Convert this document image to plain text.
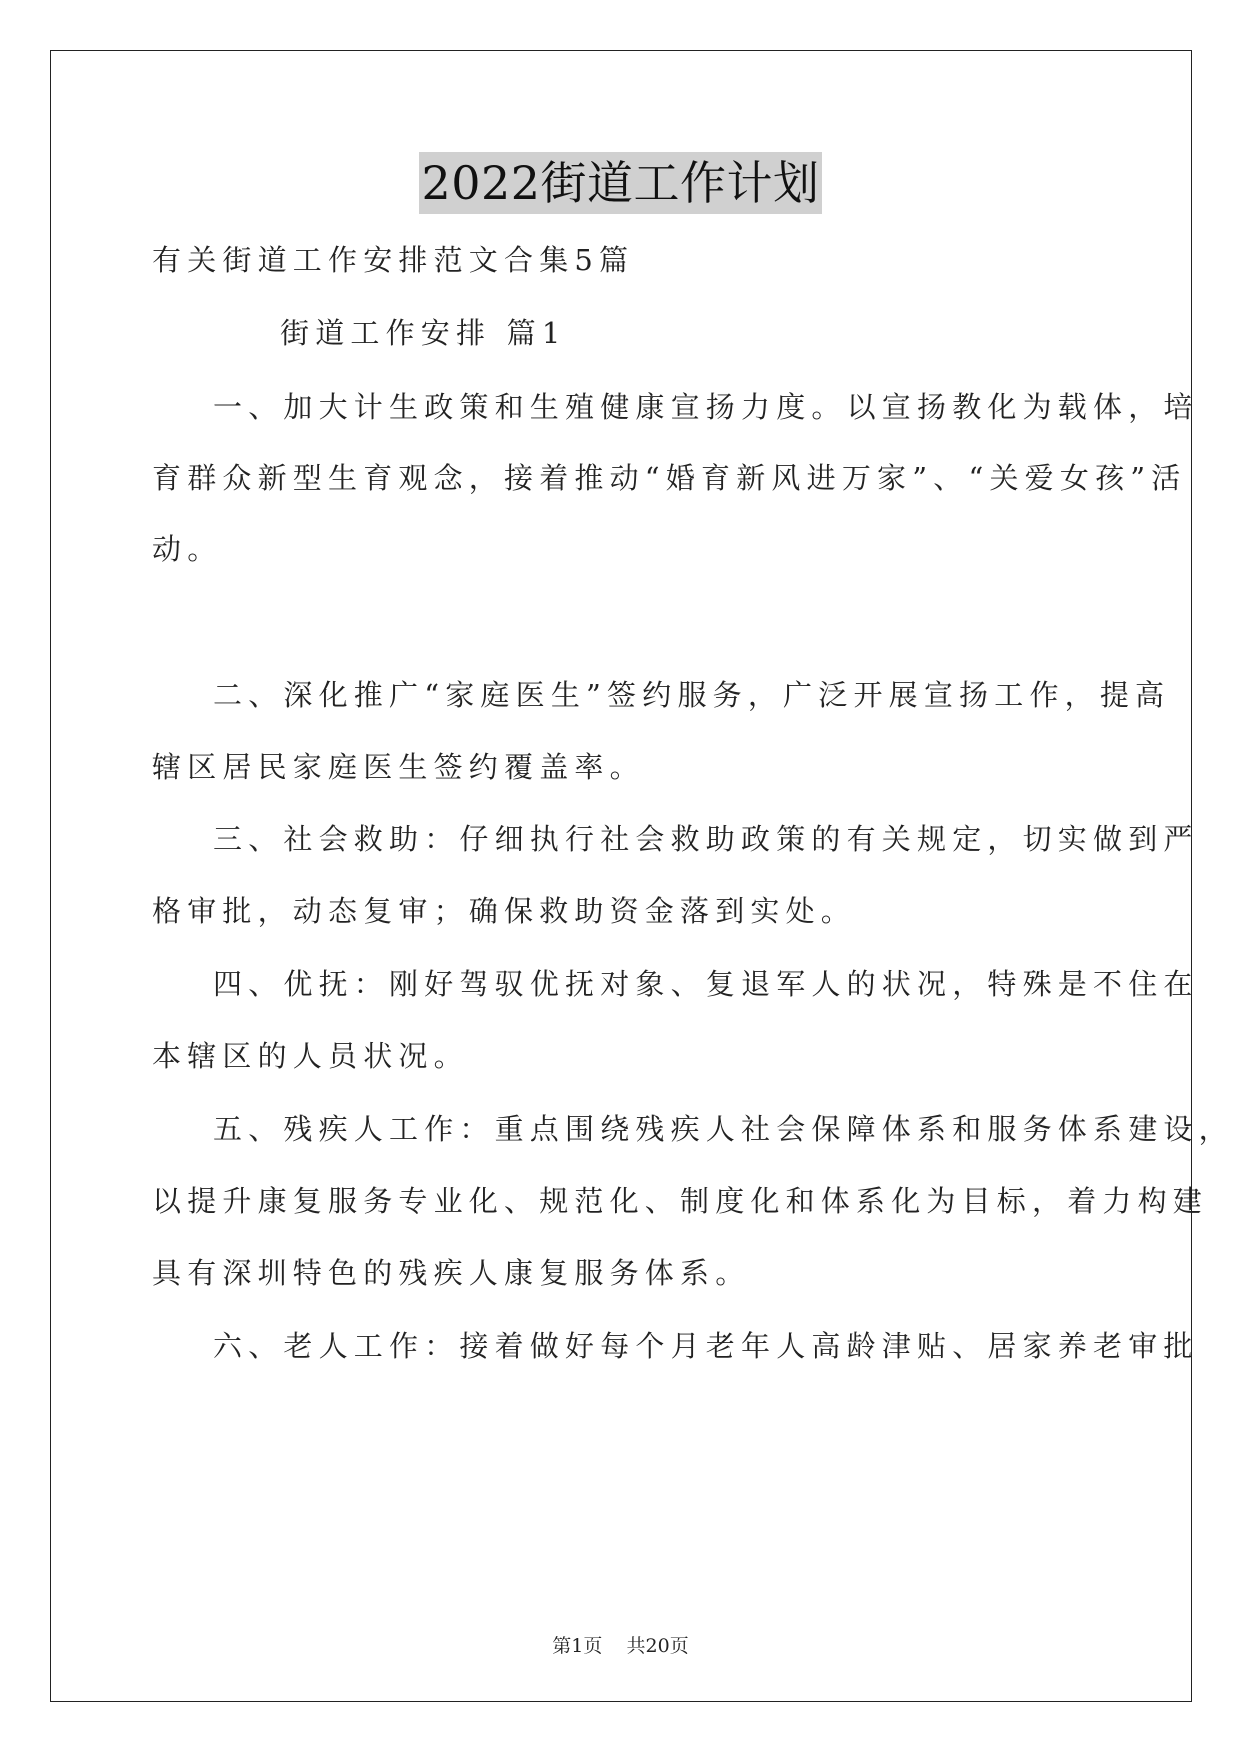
2022街道工作计划
有关街道工作安排范文合集5篇
街道工作安排 篇1
一、加大计生政策和生殖健康宣扬力度。以宣扬教化为载体，培
育群众新型生育观念，接着推动“婚育新风进万家”、“关爱女孩”活
动。
二、深化推广“家庭医生”签约服务，广泛开展宣扬工作，提高
辖区居民家庭医生签约覆盖率。
三、社会救助：仔细执行社会救助政策的有关规定，切实做到严
格审批，动态复审；确保救助资金落到实处。
四、优抚：刚好驾驭优抚对象、复退军人的状况，特殊是不住在
本辖区的人员状况。
五、残疾人工作：重点围绕残疾人社会保障体系和服务体系建设，
以提升康复服务专业化、规范化、制度化和体系化为目标，着力构建
具有深圳特色的残疾人康复服务体系。
六、老人工作：接着做好每个月老年人高龄津贴、居家养老审批
第1页 共20页
